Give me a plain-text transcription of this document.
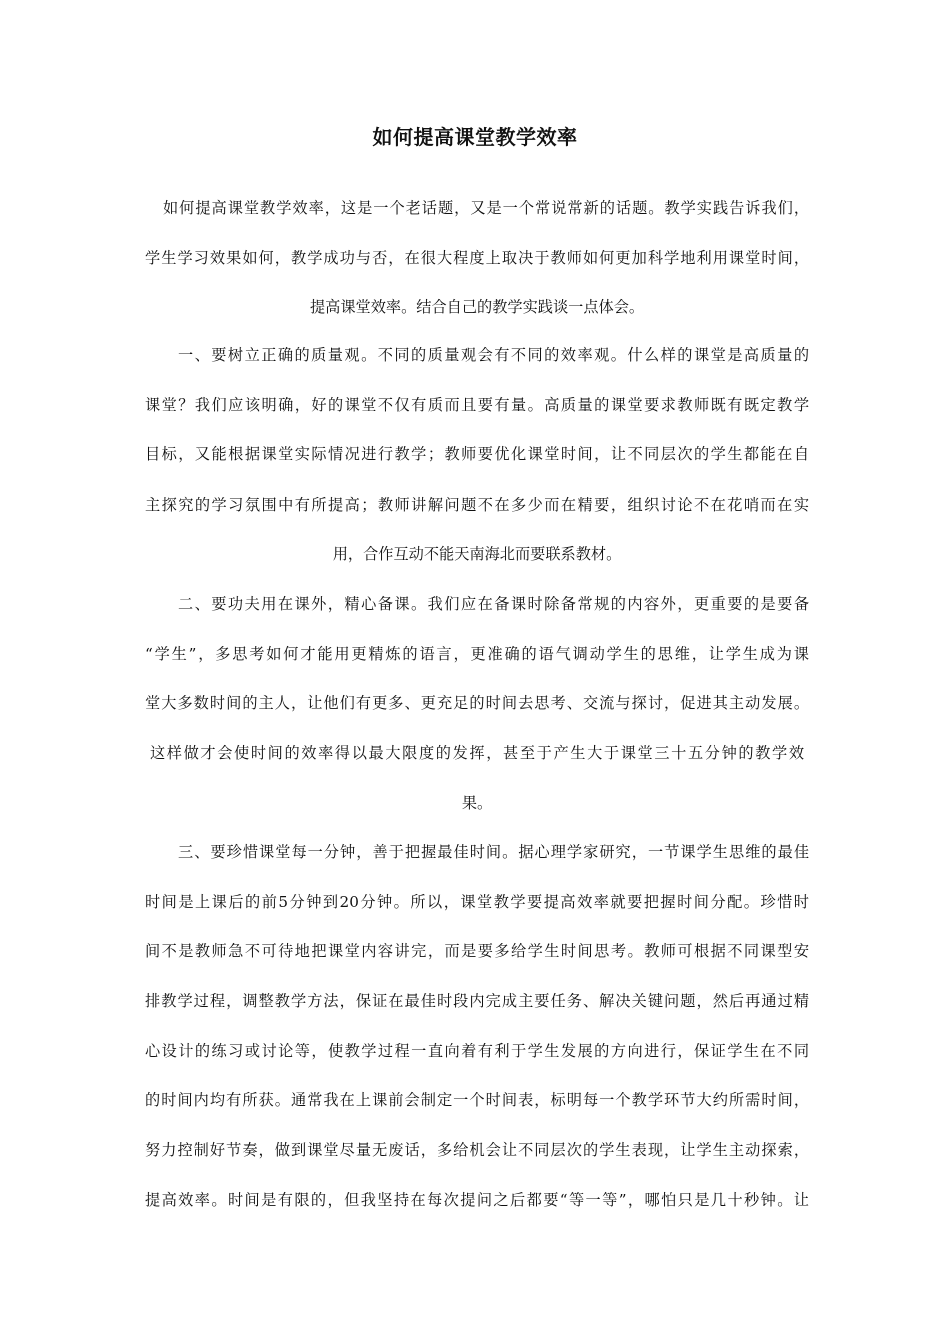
如何提高课堂教学效率
如何提高课堂教学效率，这是一个老话题，又是一个常说常新的话题。教学实践告诉我们，
学生学习效果如何，教学成功与否，在很大程度上取决于教师如何更加科学地利用课堂时间，
提高课堂效率。结合自己的教学实践谈一点体会。
一、要树立正确的质量观。不同的质量观会有不同的效率观。什么样的课堂是高质量的
课堂？我们应该明确，好的课堂不仅有质而且要有量。高质量的课堂要求教师既有既定教学
目标，又能根据课堂实际情况进行教学；教师要优化课堂时间，让不同层次的学生都能在自
主探究的学习氛围中有所提高；教师讲解问题不在多少而在精要，组织讨论不在花哨而在实
用，合作互动不能天南海北而要联系教材。
二、要功夫用在课外，精心备课。我们应在备课时除备常规的内容外，更重要的是要备
“学生”，多思考如何才能用更精炼的语言，更准确的语气调动学生的思维，让学生成为课
堂大多数时间的主人，让他们有更多、更充足的时间去思考、交流与探讨，促进其主动发展。
这样做才会使时间的效率得以最大限度的发挥，甚至于产生大于课堂三十五分钟的教学效
果。
三、要珍惜课堂每一分钟，善于把握最佳时间。据心理学家研究，一节课学生思维的最佳
时间是上课后的前5分钟到20分钟。所以，课堂教学要提高效率就要把握时间分配。珍惜时
间不是教师急不可待地把课堂内容讲完，而是要多给学生时间思考。教师可根据不同课型安
排教学过程，调整教学方法，保证在最佳时段内完成主要任务、解决关键问题，然后再通过精
心设计的练习或讨论等，使教学过程一直向着有利于学生发展的方向进行，保证学生在不同
的时间内均有所获。通常我在上课前会制定一个时间表，标明每一个教学环节大约所需时间，
努力控制好节奏，做到课堂尽量无废话，多给机会让不同层次的学生表现，让学生主动探索，
提高效率。时间是有限的，但我坚持在每次提问之后都要“等一等”，哪怕只是几十秒钟。让
